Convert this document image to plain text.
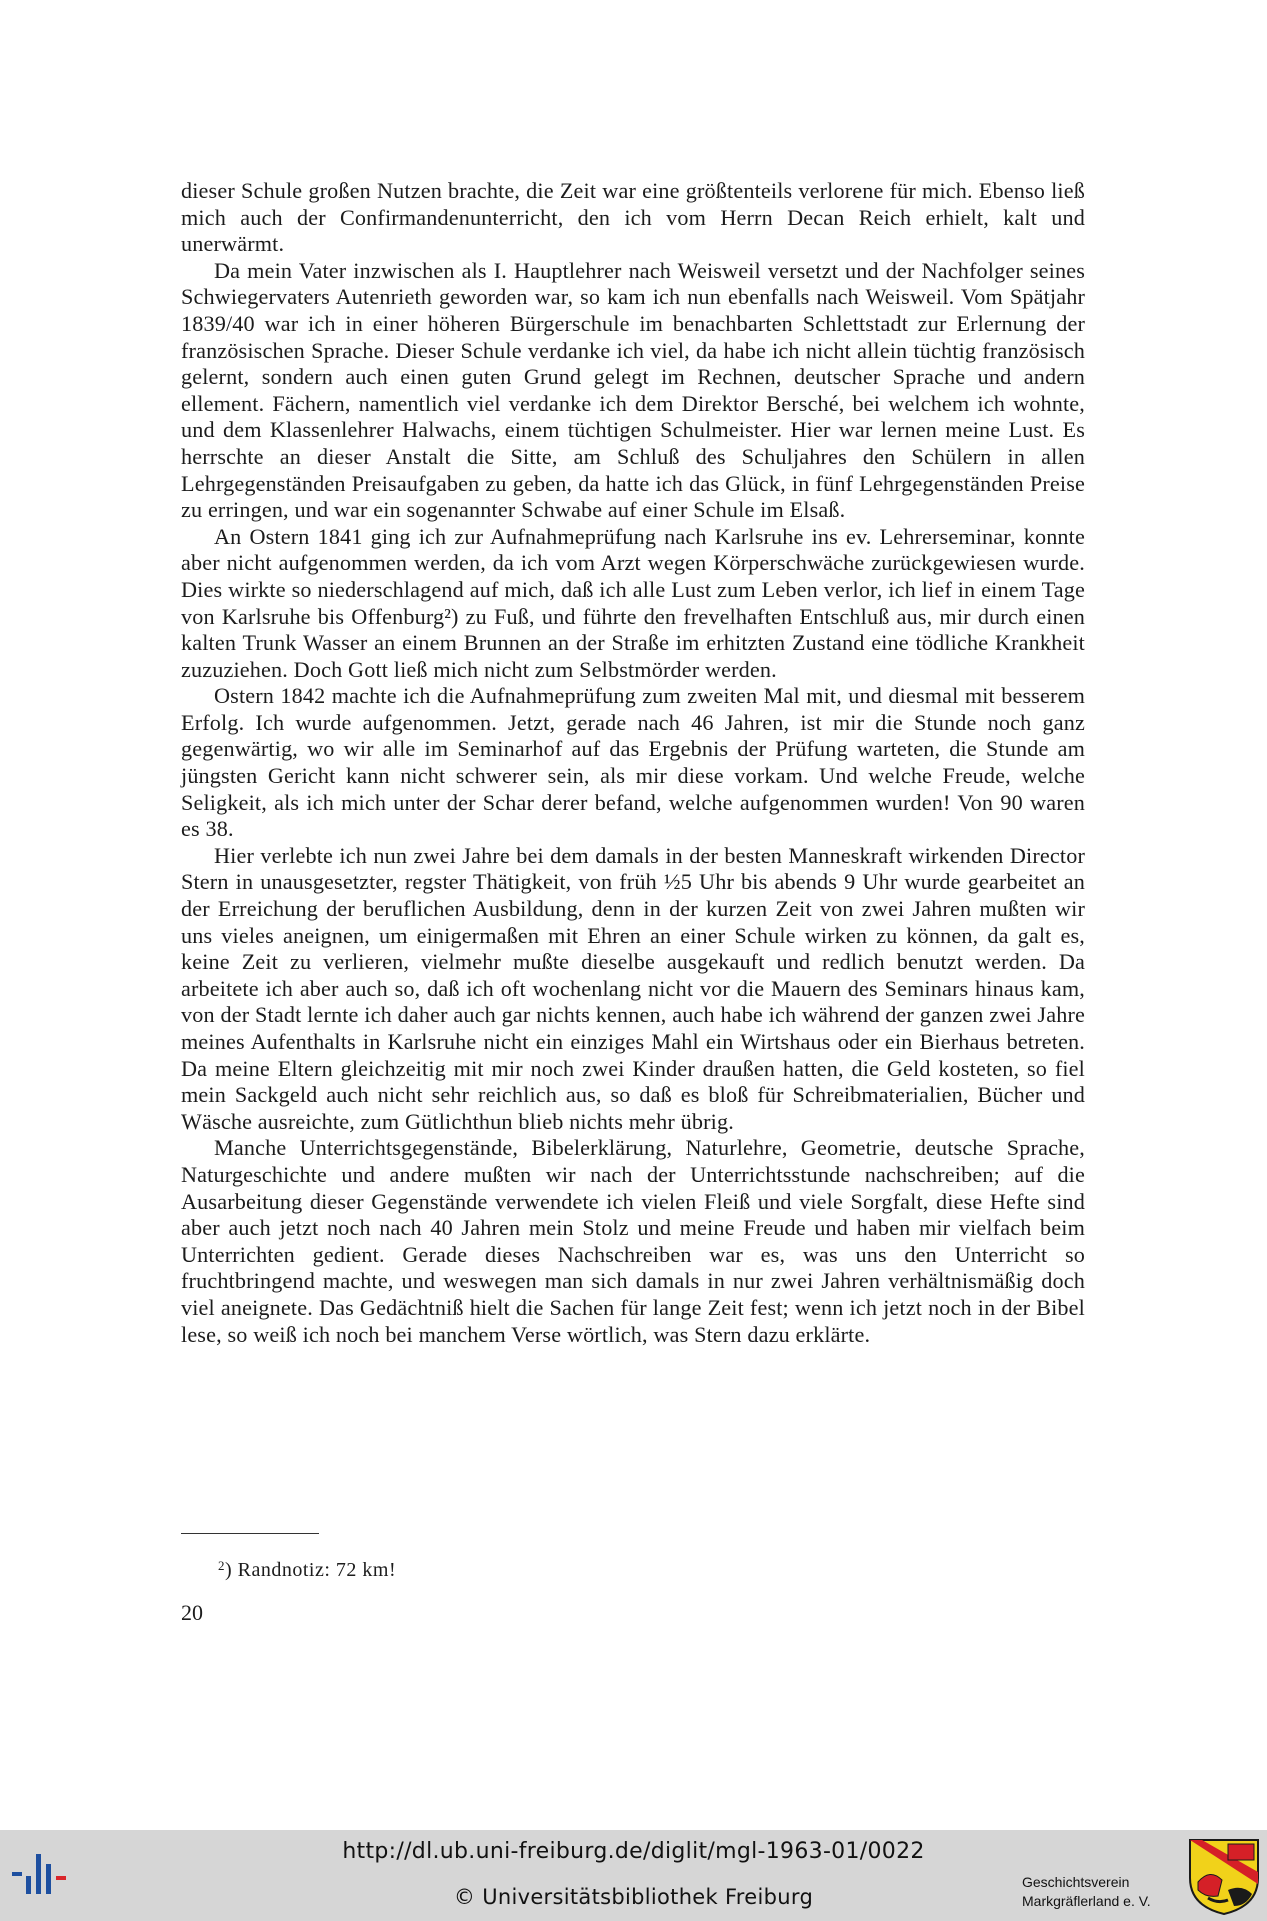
dieser Schule großen Nutzen brachte, die Zeit war eine größtenteils verlorene für mich. Ebenso ließ mich auch der Confirmandenunterricht, den ich vom Herrn Decan Reich erhielt, kalt und unerwärmt.

Da mein Vater inzwischen als I. Hauptlehrer nach Weisweil versetzt und der Nachfolger seines Schwiegervaters Autenrieth geworden war, so kam ich nun ebenfalls nach Weisweil. Vom Spätjahr 1839/40 war ich in einer höheren Bürgerschule im benachbarten Schlettstadt zur Erlernung der französischen Sprache. Dieser Schule verdanke ich viel, da habe ich nicht allein tüchtig französisch gelernt, sondern auch einen guten Grund gelegt im Rechnen, deutscher Sprache und andern ellement. Fächern, namentlich viel verdanke ich dem Direktor Bersché, bei welchem ich wohnte, und dem Klassenlehrer Halwachs, einem tüchtigen Schulmeister. Hier war lernen meine Lust. Es herrschte an dieser Anstalt die Sitte, am Schluß des Schuljahres den Schülern in allen Lehrgegenständen Preisaufgaben zu geben, da hatte ich das Glück, in fünf Lehrgegenständen Preise zu erringen, und war ein sogenannter Schwabe auf einer Schule im Elsaß.

An Ostern 1841 ging ich zur Aufnahmeprüfung nach Karlsruhe ins ev. Lehrerseminar, konnte aber nicht aufgenommen werden, da ich vom Arzt wegen Körperschwäche zurückgewiesen wurde. Dies wirkte so niederschlagend auf mich, daß ich alle Lust zum Leben verlor, ich lief in einem Tage von Karlsruhe bis Offenburg²) zu Fuß, und führte den frevelhaften Entschluß aus, mir durch einen kalten Trunk Wasser an einem Brunnen an der Straße im erhitzten Zustand eine tödliche Krankheit zuzuziehen. Doch Gott ließ mich nicht zum Selbstmörder werden.

Ostern 1842 machte ich die Aufnahmeprüfung zum zweiten Mal mit, und diesmal mit besserem Erfolg. Ich wurde aufgenommen. Jetzt, gerade nach 46 Jahren, ist mir die Stunde noch ganz gegenwärtig, wo wir alle im Seminarhof auf das Ergebnis der Prüfung warteten, die Stunde am jüngsten Gericht kann nicht schwerer sein, als mir diese vorkam. Und welche Freude, welche Seligkeit, als ich mich unter der Schar derer befand, welche aufgenommen wurden! Von 90 waren es 38.

Hier verlebte ich nun zwei Jahre bei dem damals in der besten Manneskraft wirkenden Director Stern in unausgesetzter, regster Thätigkeit, von früh ½5 Uhr bis abends 9 Uhr wurde gearbeitet an der Erreichung der beruflichen Ausbildung, denn in der kurzen Zeit von zwei Jahren mußten wir uns vieles aneignen, um einigermaßen mit Ehren an einer Schule wirken zu können, da galt es, keine Zeit zu verlieren, vielmehr mußte dieselbe ausgekauft und redlich benutzt werden. Da arbeitete ich aber auch so, daß ich oft wochenlang nicht vor die Mauern des Seminars hinaus kam, von der Stadt lernte ich daher auch gar nichts kennen, auch habe ich während der ganzen zwei Jahre meines Aufenthalts in Karlsruhe nicht ein einziges Mahl ein Wirtshaus oder ein Bierhaus betreten. Da meine Eltern gleichzeitig mit mir noch zwei Kinder draußen hatten, die Geld kosteten, so fiel mein Sackgeld auch nicht sehr reichlich aus, so daß es bloß für Schreibmaterialien, Bücher und Wäsche ausreichte, zum Gütlichthun blieb nichts mehr übrig.

Manche Unterrichtsgegenstände, Bibelerklärung, Naturlehre, Geometrie, deutsche Sprache, Naturgeschichte und andere mußten wir nach der Unterrichtsstunde nachschreiben; auf die Ausarbeitung dieser Gegenstände verwendete ich vielen Fleiß und viele Sorgfalt, diese Hefte sind aber auch jetzt noch nach 40 Jahren mein Stolz und meine Freude und haben mir vielfach beim Unterrichten gedient. Gerade dieses Nachschreiben war es, was uns den Unterricht so fruchtbringend machte, und weswegen man sich damals in nur zwei Jahren verhältnismäßig doch viel aneignete. Das Gedächtniß hielt die Sachen für lange Zeit fest; wenn ich jetzt noch in der Bibel lese, so weiß ich noch bei manchem Verse wörtlich, was Stern dazu erklärte.

$^2$) Randnotiz: 72 km!
20
http://dl.ub.uni-freiburg.de/diglit/mgl-1963-01/0022
© Universitätsbibliothek Freiburg
Geschichtsverein
Markgräflerland e. V.
